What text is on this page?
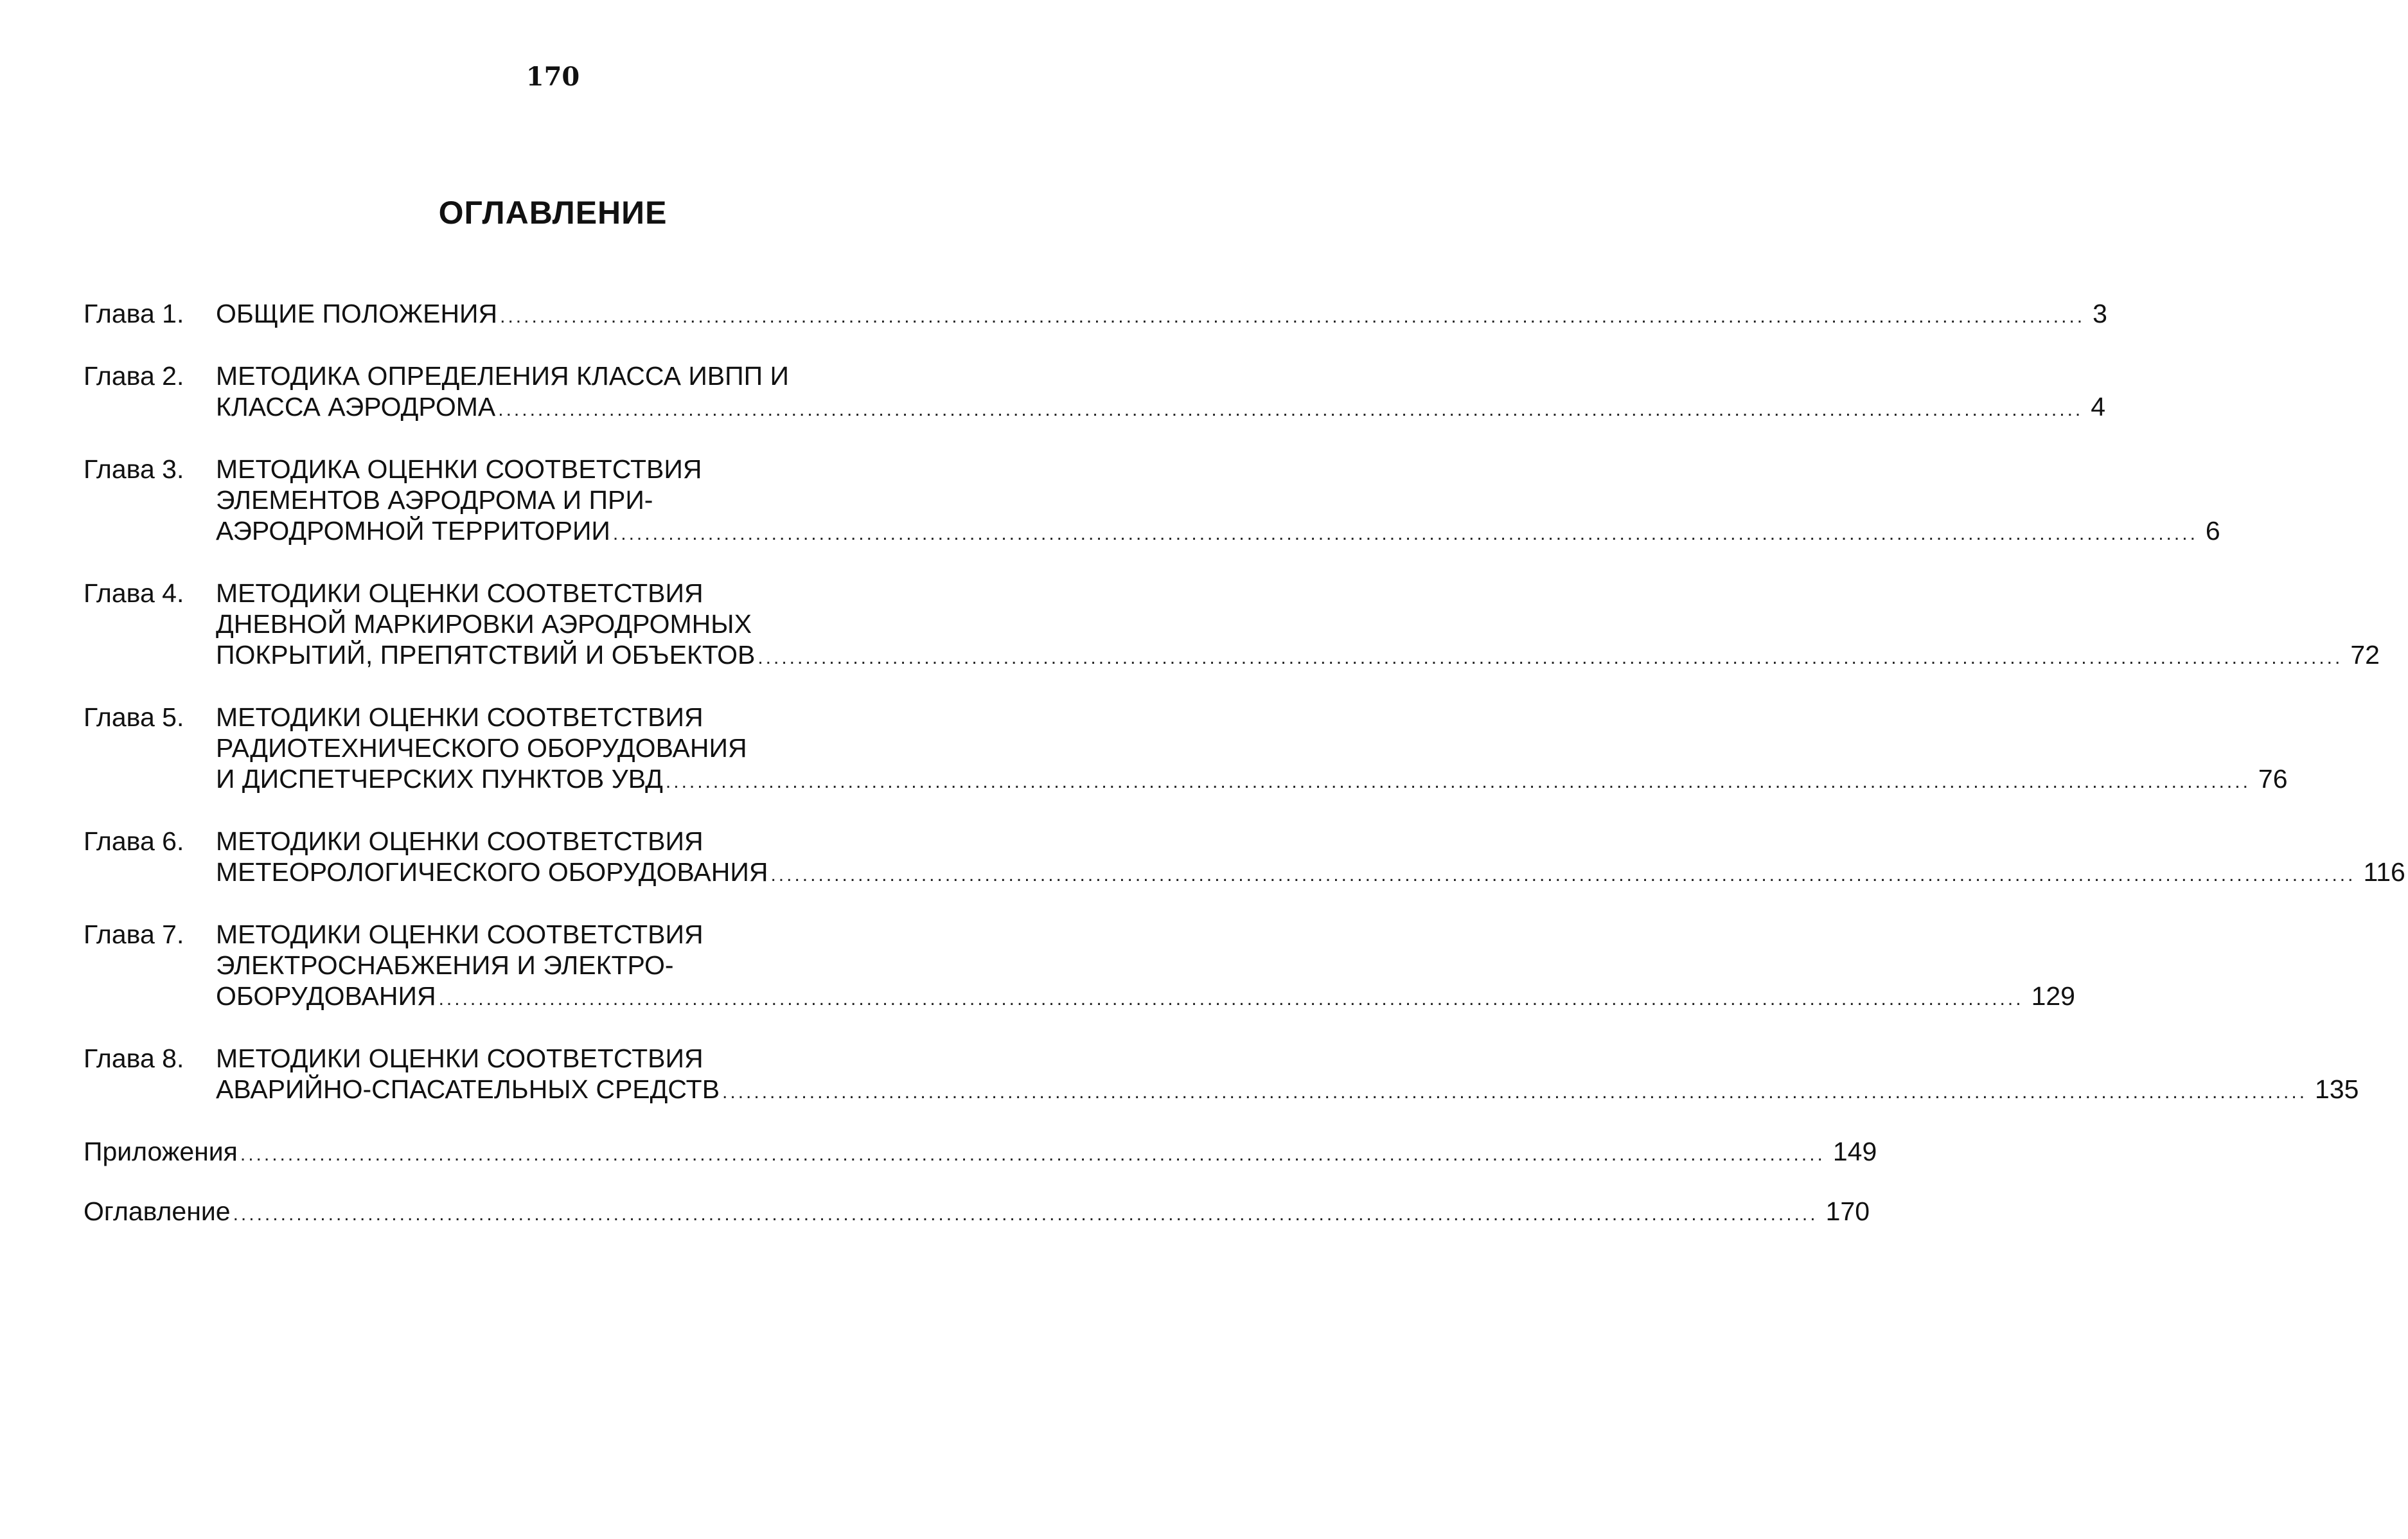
170
ОГЛАВЛЕНИЕ
Глава 1.	ОБЩИЕ ПОЛОЖЕНИЯ ........................................................................................................................................................................................................ 3
Глава 2.	МЕТОДИКА ОПРЕДЕЛЕНИЯ КЛАССА ИВПП И
КЛАССА АЭРОДРОМА ........................................................................................................................................................................................................ 4
Глава 3.	МЕТОДИКА ОЦЕНКИ СООТВЕТСТВИЯ
ЭЛЕМЕНТОВ АЭРОДРОМА И ПРИ-
АЭРОДРОМНОЙ ТЕРРИТОРИИ ........................................................................................................................................................................................................ 6
Глава 4.	МЕТОДИКИ ОЦЕНКИ СООТВЕТСТВИЯ
ДНЕВНОЙ МАРКИРОВКИ АЭРОДРОМНЫХ
ПОКРЫТИЙ, ПРЕПЯТСТВИЙ И ОБЪЕКТОВ ........................................................................................................................................................................................................ 72
Глава 5.	МЕТОДИКИ ОЦЕНКИ СООТВЕТСТВИЯ
РАДИОТЕХНИЧЕСКОГО ОБОРУДОВАНИЯ
И ДИСПЕТЧЕРСКИХ ПУНКТОВ УВД ........................................................................................................................................................................................................ 76
Глава 6.	МЕТОДИКИ ОЦЕНКИ СООТВЕТСТВИЯ
МЕТЕОРОЛОГИЧЕСКОГО ОБОРУДОВАНИЯ ........................................................................................................................................................................................................ 116
Глава 7.	МЕТОДИКИ ОЦЕНКИ СООТВЕТСТВИЯ
ЭЛЕКТРОСНАБЖЕНИЯ И ЭЛЕКТРО-
ОБОРУДОВАНИЯ ........................................................................................................................................................................................................ 129
Глава 8.	МЕТОДИКИ ОЦЕНКИ СООТВЕТСТВИЯ
АВАРИЙНО-СПАСАТЕЛЬНЫХ СРЕДСТВ ........................................................................................................................................................................................................ 135
Приложения ........................................................................................................................................................................................................ 149
Оглавление ........................................................................................................................................................................................................ 170
